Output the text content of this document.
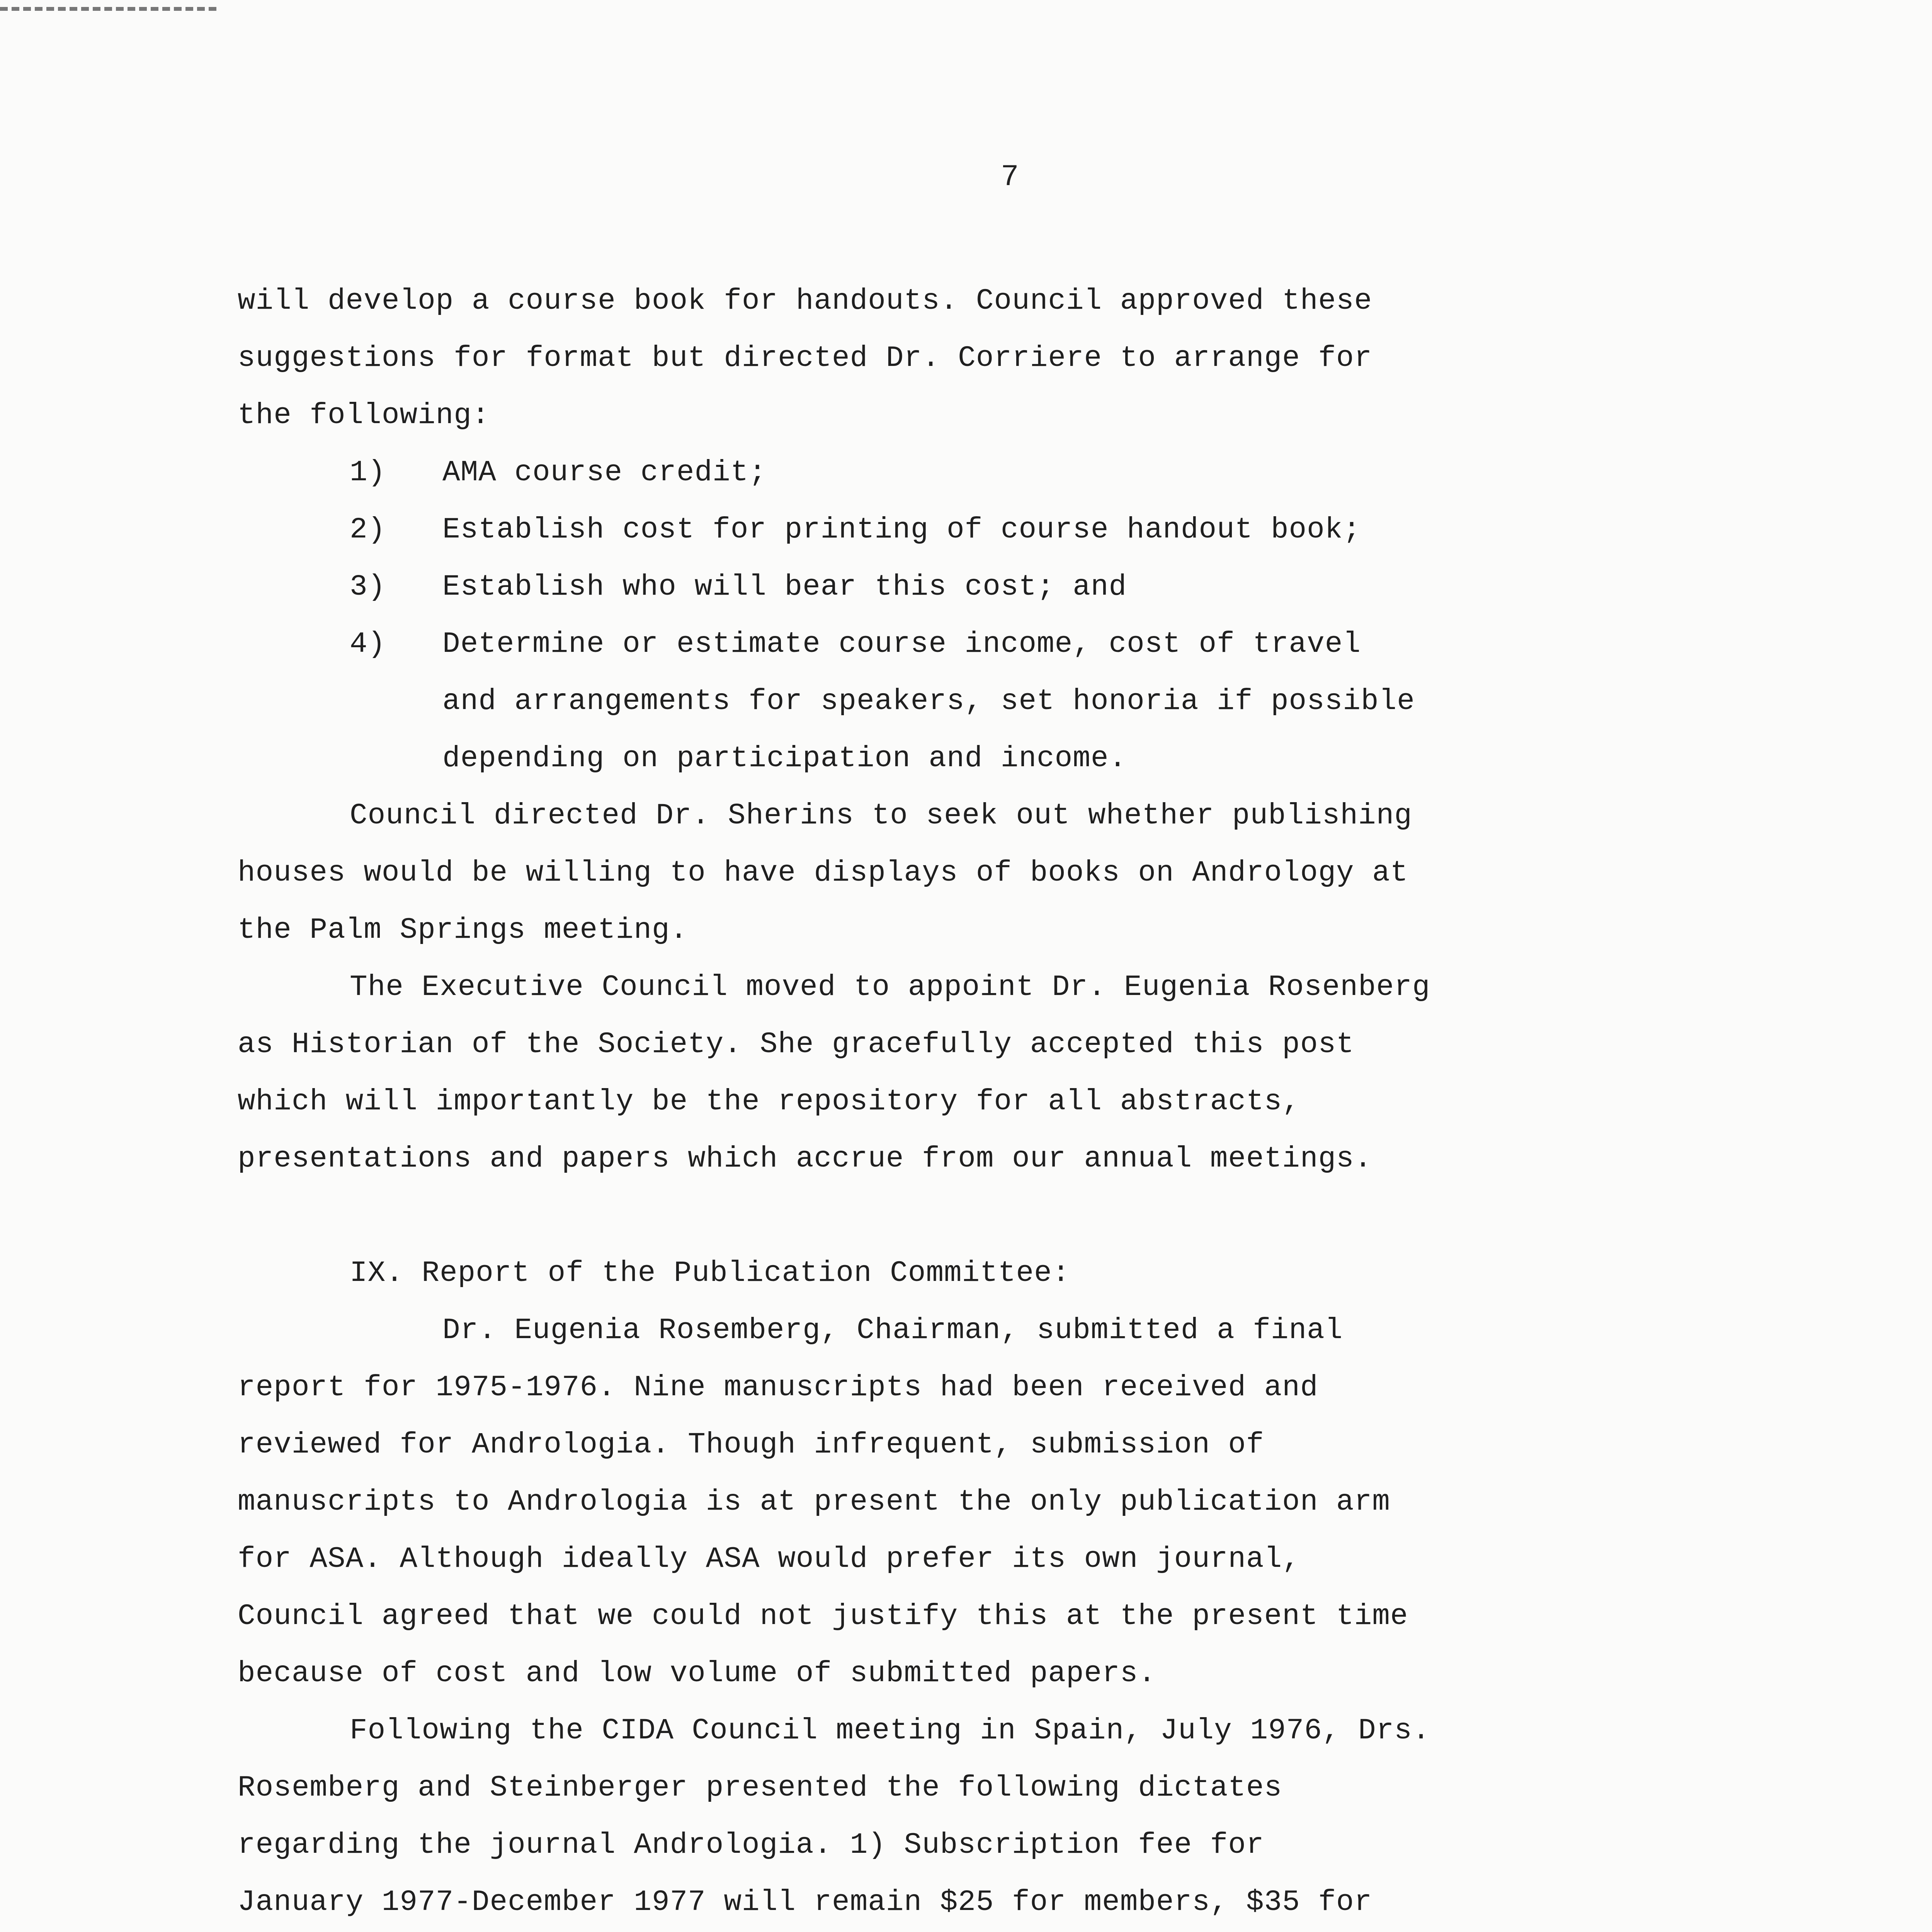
7
will develop a course book for handouts. Council approved these
suggestions for format but directed Dr. Corriere to arrange for
the following:
1)	AMA course credit;
2)	Establish cost for printing of course handout book;
3)	Establish who will bear this cost; and
4)	Determine or estimate course income, cost of travel
and arrangements for speakers, set honoria if possible
depending on participation and income.
Council directed Dr. Sherins to seek out whether publishing
houses would be willing to have displays of books on Andrology at
the Palm Springs meeting.
The Executive Council moved to appoint Dr. Eugenia Rosenberg
as Historian of the Society. She gracefully accepted this post
which will importantly be the repository for all abstracts,
presentations and papers which accrue from our annual meetings.
IX. Report of the Publication Committee:
Dr. Eugenia Rosemberg, Chairman, submitted a final
report for 1975-1976. Nine manuscripts had been received and
reviewed for Andrologia. Though infrequent, submission of
manuscripts to Andrologia is at present the only publication arm
for ASA. Although ideally ASA would prefer its own journal,
Council agreed that we could not justify this at the present time
because of cost and low volume of submitted papers.
Following the CIDA Council meeting in Spain, July 1976, Drs.
Rosemberg and Steinberger presented the following dictates
regarding the journal Andrologia. 1) Subscription fee for
January 1977-December 1977 will remain $25 for members, $35 for
